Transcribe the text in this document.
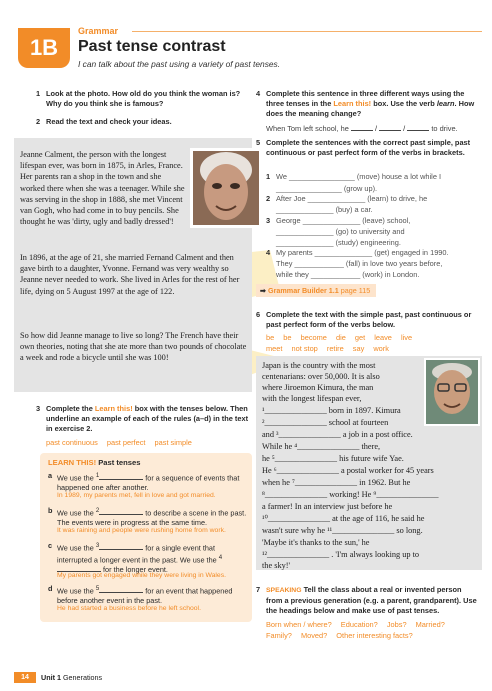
1B
Grammar
Past tense contrast
I can talk about the past using a variety of past tenses.
1 Look at the photo. How old do you think the woman is? Why do you think she is famous?
2 Read the text and check your ideas.

Jeanne Calment, the person with the longest lifespan ever, was born in 1875, in Arles, France. Her parents ran a shop in the town and she worked there when she was a teenager. While she was serving in the shop in 1888, she met Vincent van Gogh, who had come in to buy pencils. She thought he was 'dirty, ugly and badly dressed'!

In 1896, at the age of 21, she married Fernand Calment and then gave birth to a daughter, Yvonne. Fernand was very wealthy so Jeanne never needed to work. She lived in Arles for the rest of her life, dying on 5 August 1997 at the age of 122.

So how did Jeanne manage to live so long? The French have their own theories, noting that she ate more than two pounds of chocolate a week and rode a bicycle until she was 100!

3 Complete the Learn this! box with the tenses below. Then underline an example of each of the rules (a–d) in the text in exercise 2.
past continuous past perfect past simple
LEARN THIS! Past tenses
a We use the $^1$	for a sequence of events that happened one after another.
In 1989, my parents met, fell in love and got married.
b We use the $^2$	to describe a scene in the past. The events were in progress at the same time.
It was raining and people were rushing home from work.
c We use the $^3$	for a single event that interrupted a longer event in the past. We use the $^4$ for the longer event.
My parents got engaged while they were living in Wales.
d We use the $^5$	for an event that happened before another event in the past.
He had started a business before he left school.
4 Complete this sentence in three different ways using the three tenses in the Learn this! box. Use the verb learn. How does the meaning change?
When Tom left school, he	/	/	to drive.
5 Complete the sentences with the correct past simple, past continuous or past perfect form of the verbs in brackets.
1 We ________________ (move) house a lot while I
________________ (grow up).
2 After Joe ______________ (learn) to drive, he
______________ (buy) a car.
3 George ______________ (leave) school,
______________ (go) to university and
______________ (study) engineering.
4 My parents ______________ (get) engaged in 1990.
They ____________ (fall) in love two years before,
while they ____________ (work) in London.
➡ Grammar Builder 1.1 page 115
6 Complete the text with the simple past, past continuous or past perfect form of the verbs below.
be be become die get leave live
meet not stop retire say work
Japan is the country with the most
centenarians: over 50,000. It is also
where Jiroemon Kimura, the man
with the longest lifespan ever,
¹_______________ born in 1897. Kimura
²_______________ school at fourteen
and ³_______________ a job in a post office.
While he ⁴_______________ there,
he ⁵_______________ his future wife Yae.
He ⁶_______________ a postal worker for 45 years
when he ⁷_______________ in 1962. But he
⁸_______________ working! He ⁹_______________
a farmer! In an interview just before he
¹⁰_______________ at the age of 116, he said he
wasn't sure why he ¹¹_______________ so long.
'Maybe it's thanks to the sun,' he
¹²_______________ . 'I'm always looking up to
the sky!'
7 SPEAKING Tell the class about a real or invented person from a previous generation (e.g. a parent, grandparent). Use the headings below and make use of past tenses.
Born when / where? Education? Jobs? Married?
Family? Moved? Other interesting facts?
14	Unit 1 Generations
